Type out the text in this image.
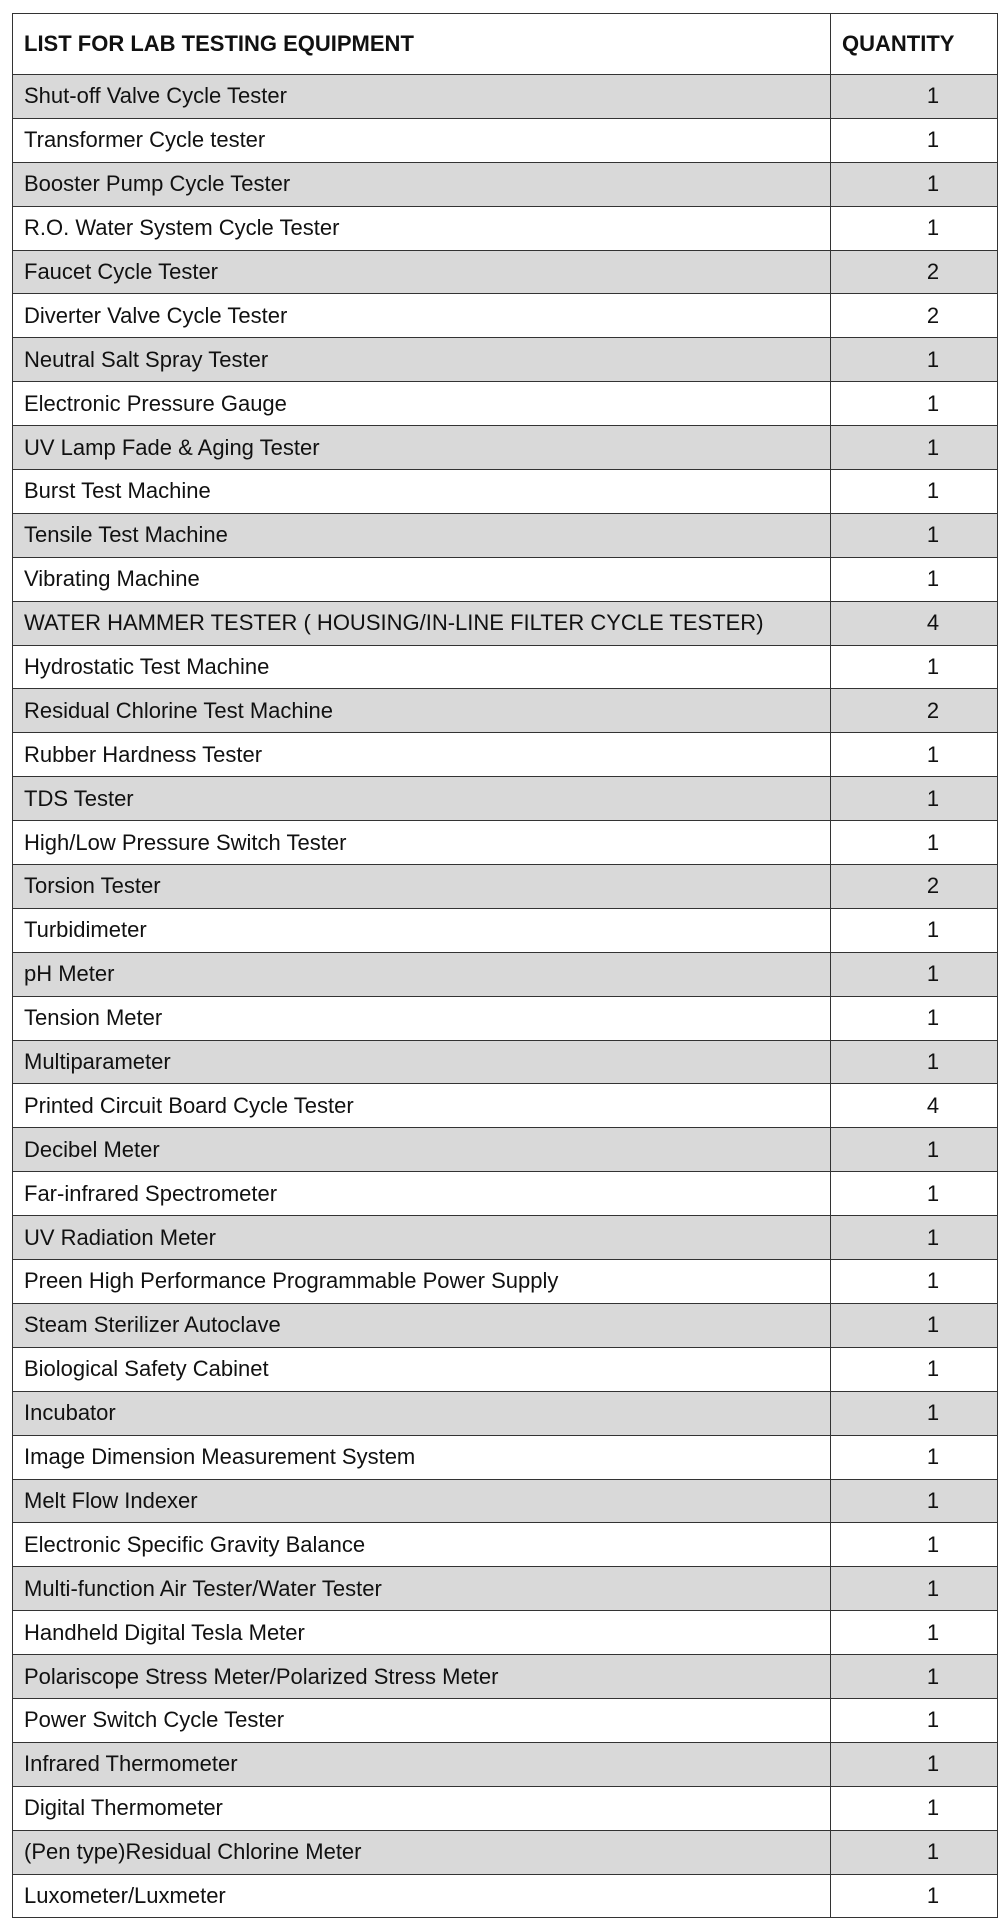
LIST FOR LAB TESTING EQUIPMENT	QUANTITY
Shut-off Valve Cycle Tester	1
Transformer Cycle tester	1
Booster Pump Cycle Tester	1
R.O. Water System Cycle Tester	1
Faucet Cycle Tester	2
Diverter Valve Cycle Tester	2
Neutral Salt Spray Tester	1
Electronic Pressure Gauge	1
UV Lamp Fade & Aging Tester	1
Burst Test Machine	1
Tensile Test Machine	1
Vibrating Machine	1
WATER HAMMER TESTER ( HOUSING/IN-LINE FILTER CYCLE TESTER)	4
Hydrostatic Test Machine	1
Residual Chlorine Test Machine	2
Rubber Hardness Tester	1
TDS Tester	1
High/Low Pressure Switch Tester	1
Torsion Tester	2
Turbidimeter	1
pH Meter	1
Tension Meter	1
Multiparameter	1
Printed Circuit Board Cycle Tester	4
Decibel Meter	1
Far-infrared Spectrometer	1
UV Radiation Meter	1
Preen High Performance Programmable Power Supply	1
Steam Sterilizer Autoclave	1
Biological Safety Cabinet	1
Incubator	1
Image Dimension Measurement System	1
Melt Flow Indexer	1
Electronic Specific Gravity Balance	1
Multi-function Air Tester/Water Tester	1
Handheld Digital Tesla Meter	1
Polariscope Stress Meter/Polarized Stress Meter	1
Power Switch Cycle Tester	1
Infrared Thermometer	1
Digital Thermometer	1
(Pen type)Residual Chlorine Meter	1
Luxometer/Luxmeter	1
